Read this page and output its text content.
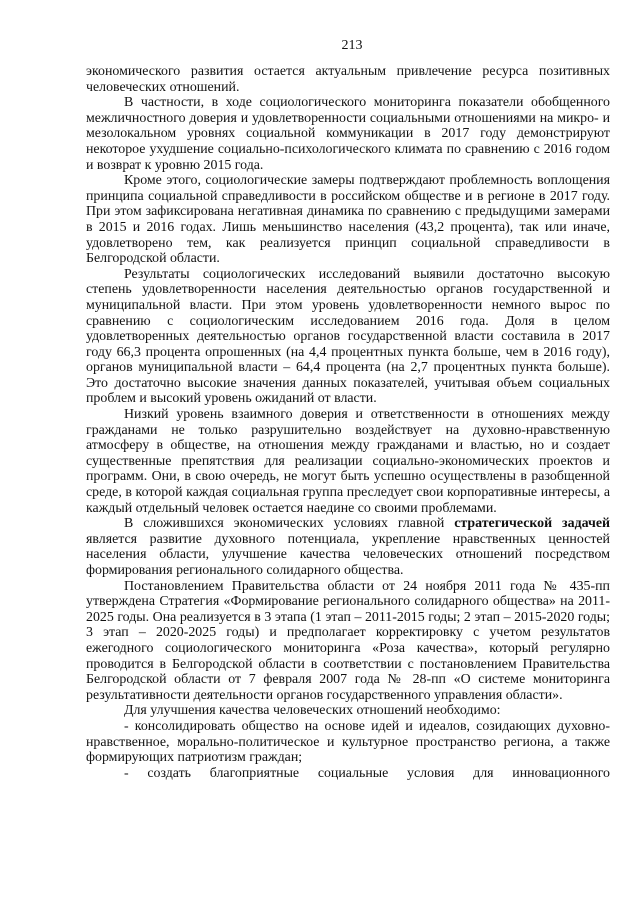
213

экономического развития остается актуальным привлечение ресурса позитивных человеческих отношений.

В частности, в ходе социологического мониторинга показатели обобщенного межличностного доверия и удовлетворенности социальными отношениями на микро- и мезолокальном уровнях социальной коммуникации в 2017 году демонстрируют некоторое ухудшение социально-психологического климата по сравнению с 2016 годом и возврат к уровню 2015 года.

Кроме этого, социологические замеры подтверждают проблемность воплощения принципа социальной справедливости в российском обществе и в регионе в 2017 году. При этом зафиксирована негативная динамика по сравнению с предыдущими замерами в 2015 и 2016 годах. Лишь меньшинство населения (43,2 процента), так или иначе, удовлетворено тем, как реализуется принцип социальной справедливости в Белгородской области.

Результаты социологических исследований выявили достаточно высокую степень удовлетворенности населения деятельностью органов государственной и муниципальной власти. При этом уровень удовлетворенности немного вырос по сравнению с социологическим исследованием 2016 года. Доля в целом удовлетворенных деятельностью органов государственной власти составила в 2017 году 66,3 процента опрошенных (на 4,4 процентных пункта больше, чем в 2016 году), органов муниципальной власти – 64,4 процента (на 2,7 процентных пункта больше). Это достаточно высокие значения данных показателей, учитывая объем социальных проблем и высокий уровень ожиданий от власти.

Низкий уровень взаимного доверия и ответственности в отношениях между гражданами не только разрушительно воздействует на духовно-нравственную атмосферу в обществе, на отношения между гражданами и властью, но и создает существенные препятствия для реализации социально-экономических проектов и программ. Они, в свою очередь, не могут быть успешно осуществлены в разобщенной среде, в которой каждая социальная группа преследует свои корпоративные интересы, а каждый отдельный человек остается наедине со своими проблемами.

В сложившихся экономических условиях главной стратегической задачей является развитие духовного потенциала, укрепление нравственных ценностей населения области, улучшение качества человеческих отношений посредством формирования регионального солидарного общества.

Постановлением Правительства области от 24 ноября 2011 года № 435-пп утверждена Стратегия «Формирование регионального солидарного общества» на 2011-2025 годы. Она реализуется в 3 этапа (1 этап – 2011-2015 годы; 2 этап – 2015-2020 годы; 3 этап – 2020-2025 годы) и предполагает корректировку с учетом результатов ежегодного социологического мониторинга «Роза качества», который регулярно проводится в Белгородской области в соответствии с постановлением Правительства Белгородской области от 7 февраля 2007 года № 28-пп «О системе мониторинга результативности деятельности органов государственного управления области».

Для улучшения качества человеческих отношений необходимо:

- консолидировать общество на основе идей и идеалов, созидающих духовно-нравственное, морально-политическое и культурное пространство региона, а также формирующих патриотизм граждан;

- создать благоприятные социальные условия для инновационного
